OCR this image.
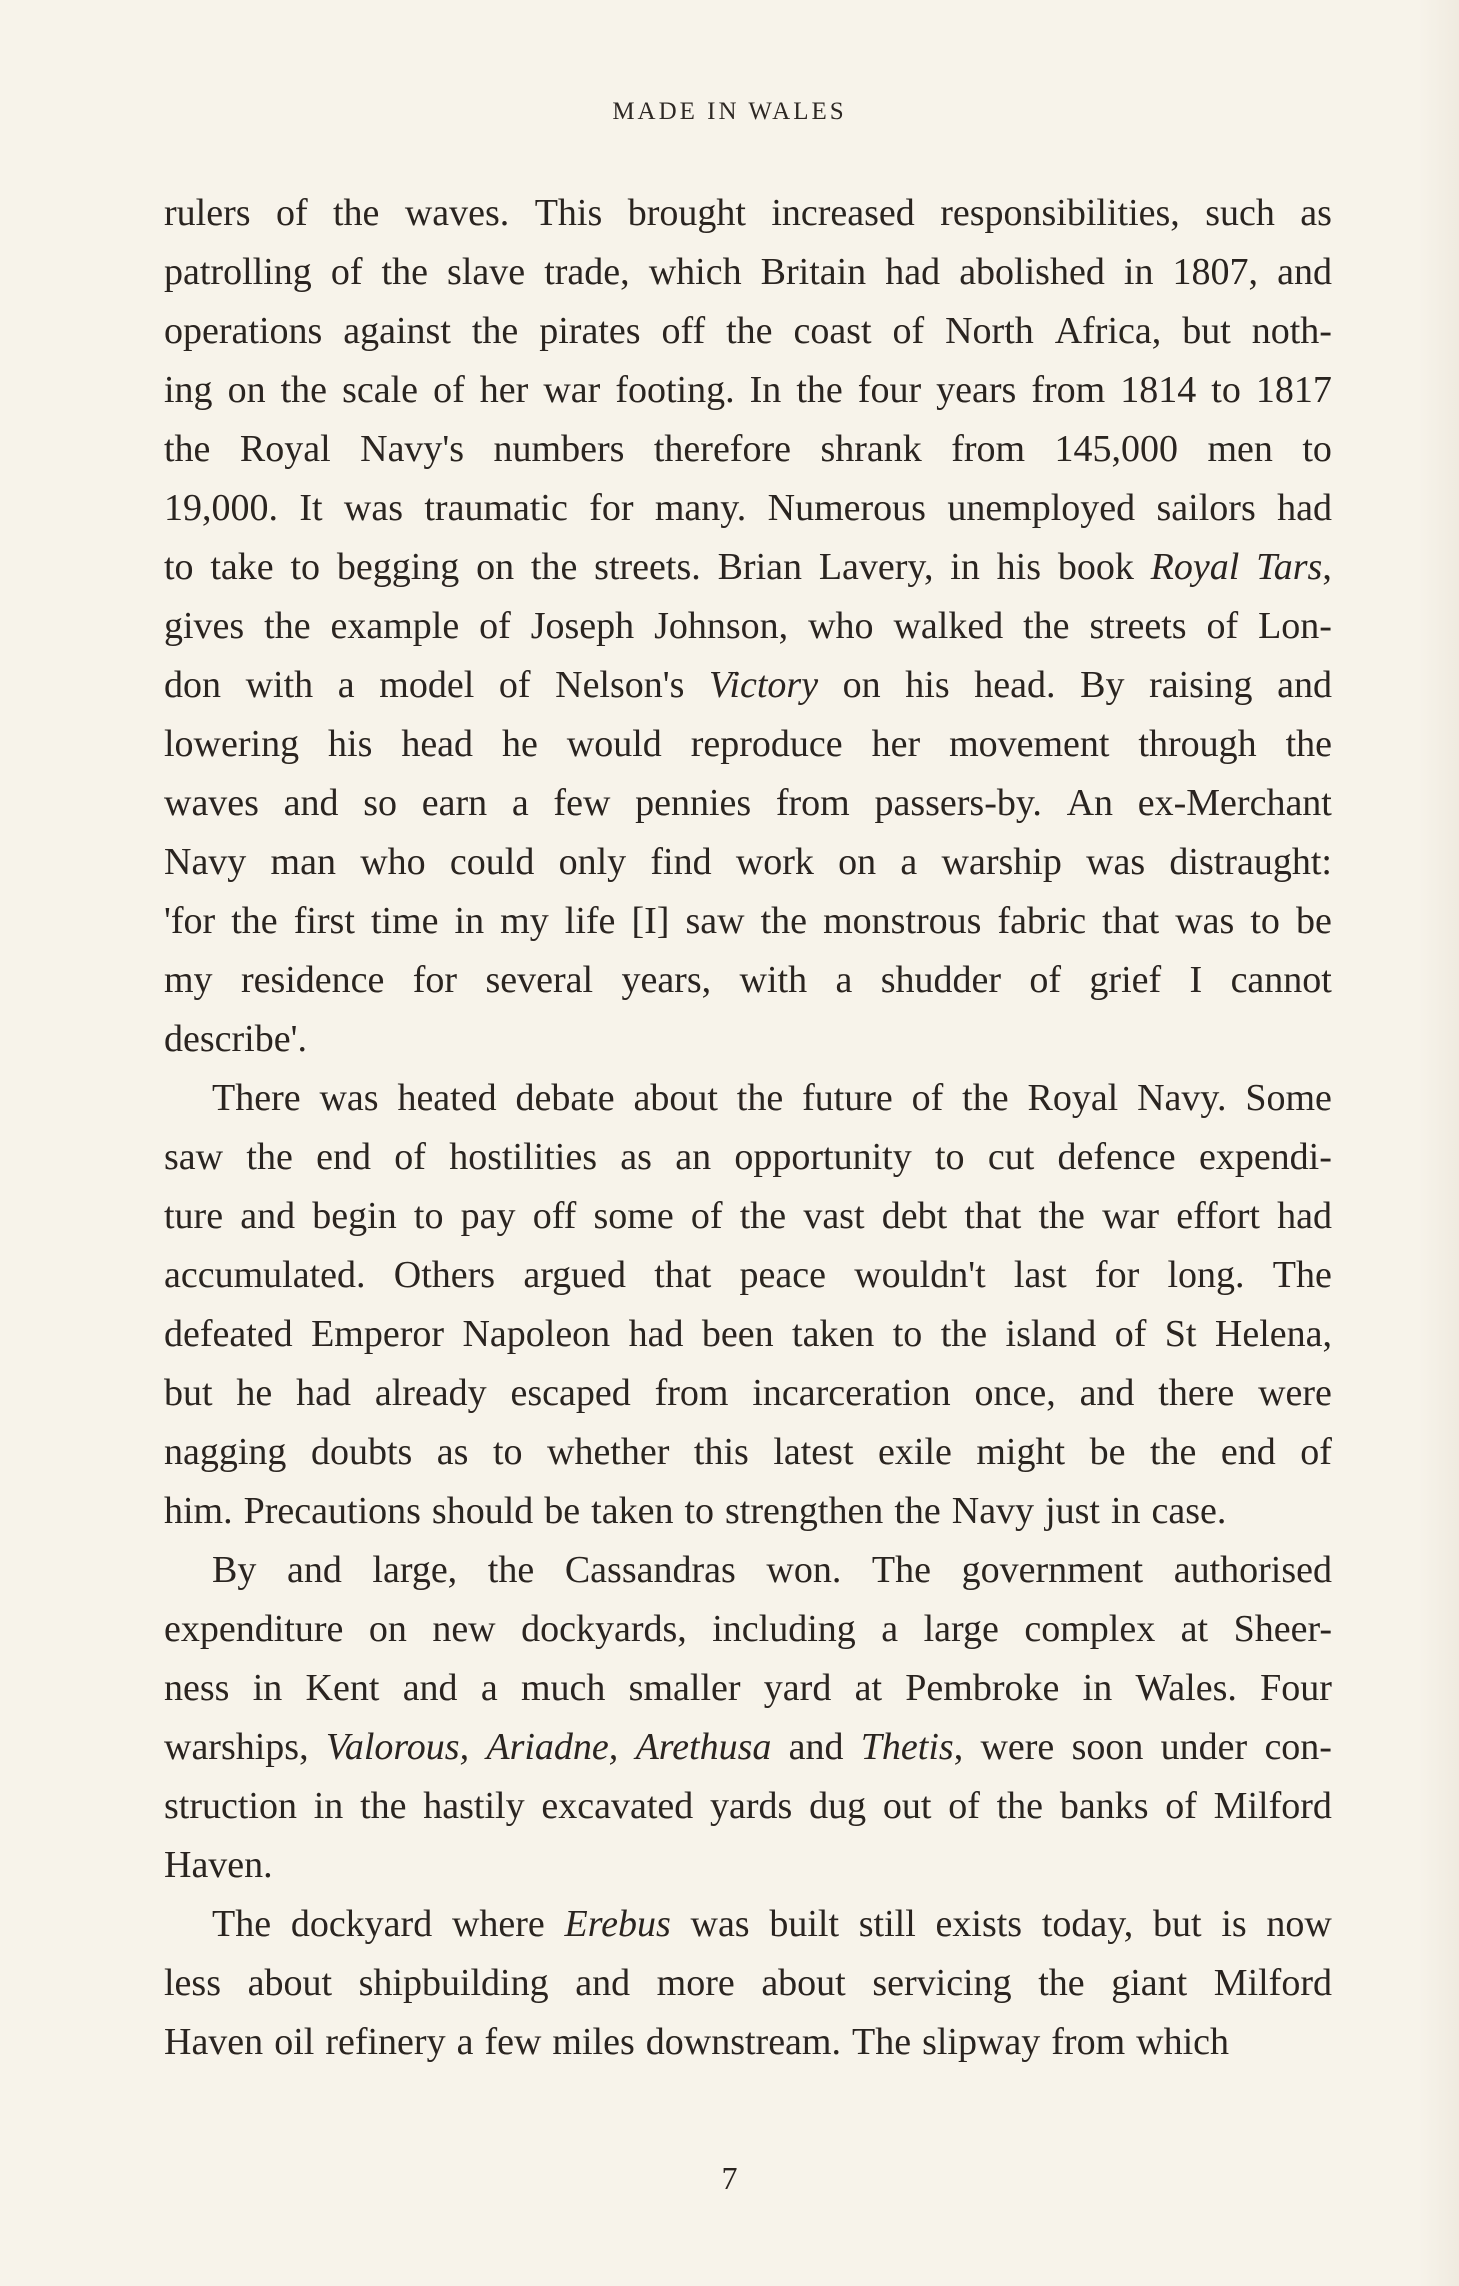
MADE IN WALES
rulers of the waves. This brought increased responsibilities, such as
patrolling of the slave trade, which Britain had abolished in 1807, and
operations against the pirates off the coast of North Africa, but noth-
ing on the scale of her war footing. In the four years from 1814 to 1817
the Royal Navy's numbers therefore shrank from 145,000 men to
19,000. It was traumatic for many. Numerous unemployed sailors had
to take to begging on the streets. Brian Lavery, in his book Royal Tars,
gives the example of Joseph Johnson, who walked the streets of Lon-
don with a model of Nelson's Victory on his head. By raising and
lowering his head he would reproduce her movement through the
waves and so earn a few pennies from passers-by. An ex-Merchant
Navy man who could only find work on a warship was distraught:
'for the first time in my life [I] saw the monstrous fabric that was to be
my residence for several years, with a shudder of grief I cannot
describe'.
There was heated debate about the future of the Royal Navy. Some
saw the end of hostilities as an opportunity to cut defence expendi-
ture and begin to pay off some of the vast debt that the war effort had
accumulated. Others argued that peace wouldn't last for long. The
defeated Emperor Napoleon had been taken to the island of St Helena,
but he had already escaped from incarceration once, and there were
nagging doubts as to whether this latest exile might be the end of
him. Precautions should be taken to strengthen the Navy just in case.
By and large, the Cassandras won. The government authorised
expenditure on new dockyards, including a large complex at Sheer-
ness in Kent and a much smaller yard at Pembroke in Wales. Four
warships, Valorous, Ariadne, Arethusa and Thetis, were soon under con-
struction in the hastily excavated yards dug out of the banks of Milford
Haven.
The dockyard where Erebus was built still exists today, but is now
less about shipbuilding and more about servicing the giant Milford
Haven oil refinery a few miles downstream. The slipway from which
7
